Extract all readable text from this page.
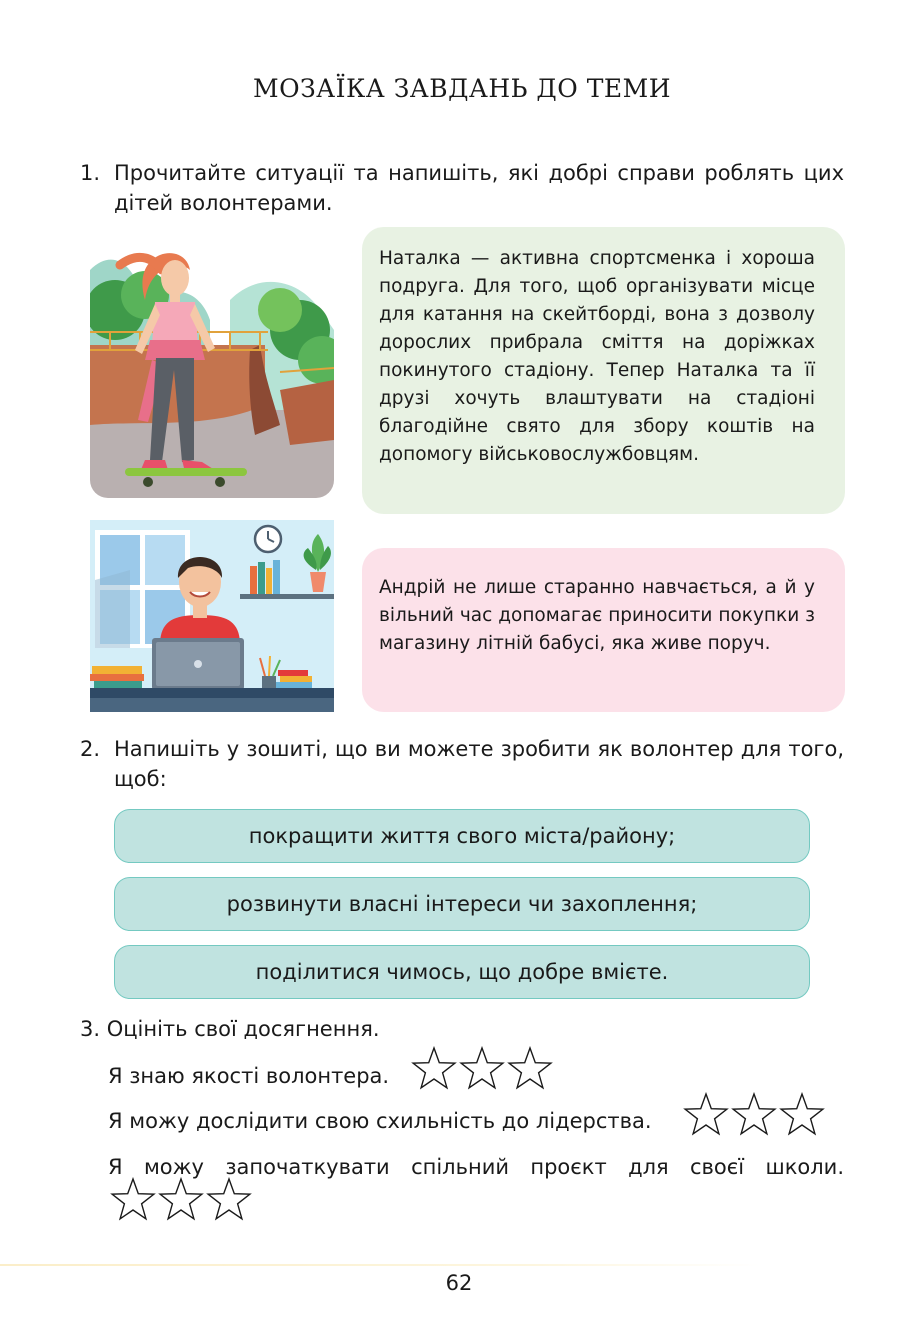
МОЗАЇКА ЗАВДАНЬ ДО ТЕМИ
1. Прочитайте ситуації та напишіть, які добрі справи роблять цих дітей волонтерами.

Наталка — активна спортсменка і хороша подруга. Для того, щоб організувати місце для катання на скейтборді, вона з дозволу дорослих прибрала сміття на доріжках покинутого стадіону. Тепер Наталка та її друзі хочуть влаштувати на стадіоні благодійне свято для збору коштів на допомогу військовослужбовцям.

Андрій не лише старанно навчається, а й у вільний час допомагає приносити покупки з магазину літній бабусі, яка живе поруч.

2. Напишіть у зошиті, що ви можете зробити як волонтер для того, щоб:
покращити життя свого міста/району;
розвинути власні інтереси чи захоплення;
поділитися чимось, що добре вмієте.
3. Оцініть свої досягнення.
Я знаю якості волонтера.
Я можу дослідити свою схильність до лідерства.
Я можу започаткувати спільний проєкт для своєї школи.
62
